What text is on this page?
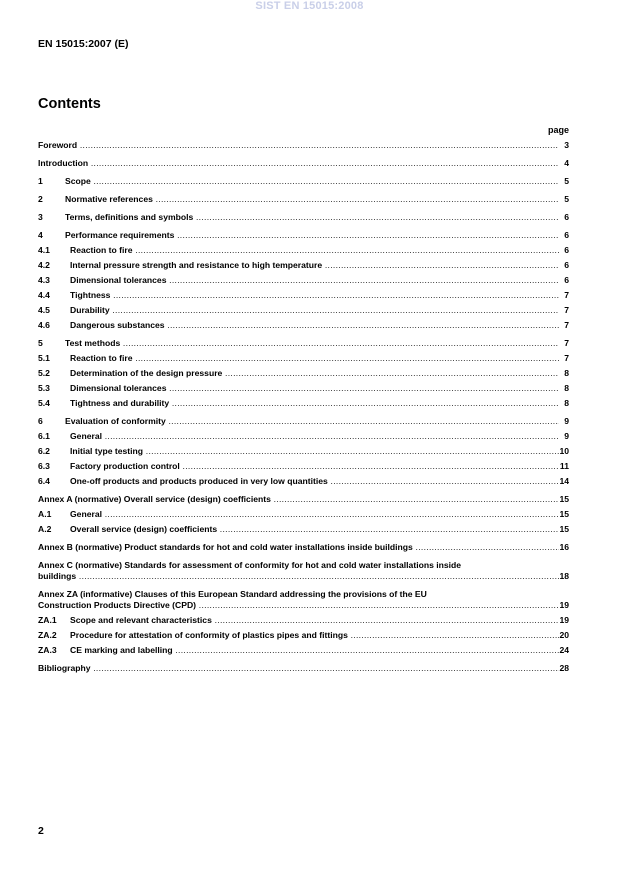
SIST EN 15015:2008
EN 15015:2007 (E)
Contents
page
Foreword .....	3
Introduction .....	4
1	Scope .....	5
2	Normative references .....	5
3	Terms, definitions and symbols .....	6
4	Performance requirements .....	6
4.1	Reaction to fire .....	6
4.2	Internal pressure strength and resistance to high temperature .....	6
4.3	Dimensional tolerances .....	6
4.4	Tightness .....	7
4.5	Durability .....	7
4.6	Dangerous substances .....	7
5	Test methods .....	7
5.1	Reaction to fire .....	7
5.2	Determination of the design pressure .....	8
5.3	Dimensional tolerances .....	8
5.4	Tightness and durability .....	8
6	Evaluation of conformity .....	9
6.1	General .....	9
6.2	Initial type testing .....	10
6.3	Factory production control .....	11
6.4	One-off products and products produced in very low quantities .....	14
Annex A (normative) Overall service (design) coefficients .....	15
A.1	General .....	15
A.2	Overall service (design) coefficients .....	15
Annex B (normative) Product standards for hot and cold water installations inside buildings .....	16
Annex C (normative) Standards for assessment of conformity for hot and cold water installations inside
buildings .....	18
Annex ZA (informative) Clauses of this European Standard addressing the provisions of the EU
Construction Products Directive (CPD) .....	19
ZA.1	Scope and relevant characteristics .....	19
ZA.2	Procedure for attestation of conformity of plastics pipes and fittings .....	20
ZA.3	CE marking and labelling .....	24
Bibliography .....	28
2
